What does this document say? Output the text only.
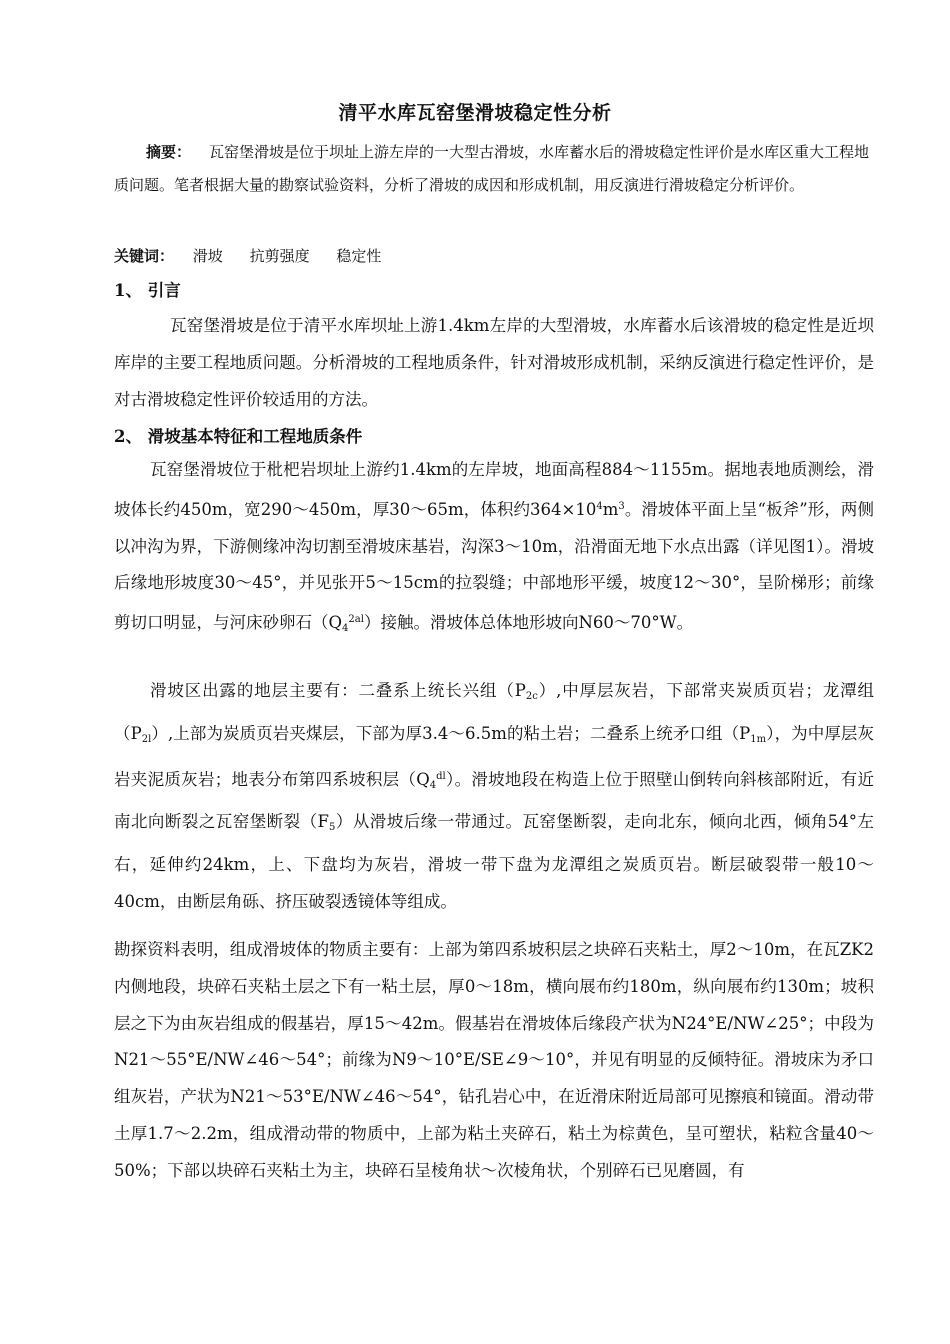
清平水库瓦窑堡滑坡稳定性分析
摘要： 瓦窑堡滑坡是位于坝址上游左岸的一大型古滑坡，水库蓄水后的滑坡稳定性评价是水库区重大工程地质问题。笔者根据大量的勘察试验资料，分析了滑坡的成因和形成机制，用反演进行滑坡稳定分析评价。
关键词： 滑坡 抗剪强度 稳定性
1、 引言
瓦窑堡滑坡是位于清平水库坝址上游1.4km左岸的大型滑坡，水库蓄水后该滑坡的稳定性是近坝库岸的主要工程地质问题。分析滑坡的工程地质条件，针对滑坡形成机制，采纳反演进行稳定性评价，是对古滑坡稳定性评价较适用的方法。
2、 滑坡基本特征和工程地质条件
瓦窑堡滑坡位于枇杷岩坝址上游约1.4km的左岸坡，地面高程884～1155m。据地表地质测绘，滑坡体长约450m，宽290～450m，厚30～65m，体积约$364\times 10^4m^3$。滑坡体平面上呈“板斧”形，两侧以冲沟为界，下游侧缘冲沟切割至滑坡床基岩，沟深3～10m，沿滑面无地下水点出露（详见图1）。滑坡后缘地形坡度30～45°，并见张开5～15cm的拉裂缝；中部地形平缓，坡度12～30°，呈阶梯形；前缘剪切口明显，与河床砂卵石$(Q_4^{2al})$接触。滑坡体总体地形坡向N60～70°W。
滑坡区出露的地层主要有：二叠系上统长兴组$(P_{2c})$,中厚层灰岩，下部常夹炭质页岩；龙潭组$(P_{2l})$,上部为炭质页岩夹煤层，下部为厚3.4～6.5m的粘土岩；二叠系上统矛口组$(P_{1m})$，为中厚层灰岩夹泥质灰岩；地表分布第四系坡积层$(Q_4^{dl})$。滑坡地段在构造上位于照壁山倒转向斜核部附近，有近南北向断裂之瓦窑堡断裂$(F_5)$从滑坡后缘一带通过。瓦窑堡断裂，走向北东，倾向北西，倾角54°左右，延伸约24km，上、下盘均为灰岩，滑坡一带下盘为龙潭组之炭质页岩。断层破裂带一般10～40cm，由断层角砾、挤压破裂透镜体等组成。
勘探资料表明，组成滑坡体的物质主要有：上部为第四系坡积层之块碎石夹粘土，厚2～10m，在瓦ZK2内侧地段，块碎石夹粘土层之下有一粘土层，厚0～18m，横向展布约180m，纵向展布约130m；坡积层之下为由灰岩组成的假基岩，厚15～42m。假基岩在滑坡体后缘段产状为N24°E/NW∠25°；中段为N21～55°E/NW∠46～54°；前缘为N9～10°E/SE∠9～10°，并见有明显的反倾特征。滑坡床为矛口组灰岩，产状为N21～53°E/NW∠46～54°，钻孔岩心中，在近滑床附近局部可见擦痕和镜面。滑动带土厚1.7～2.2m，组成滑动带的物质中，上部为粘土夹碎石，粘土为棕黄色，呈可塑状，粘粒含量40～50%；下部以块碎石夹粘土为主，块碎石呈棱角状～次棱角状，个别碎石已见磨圆，有
